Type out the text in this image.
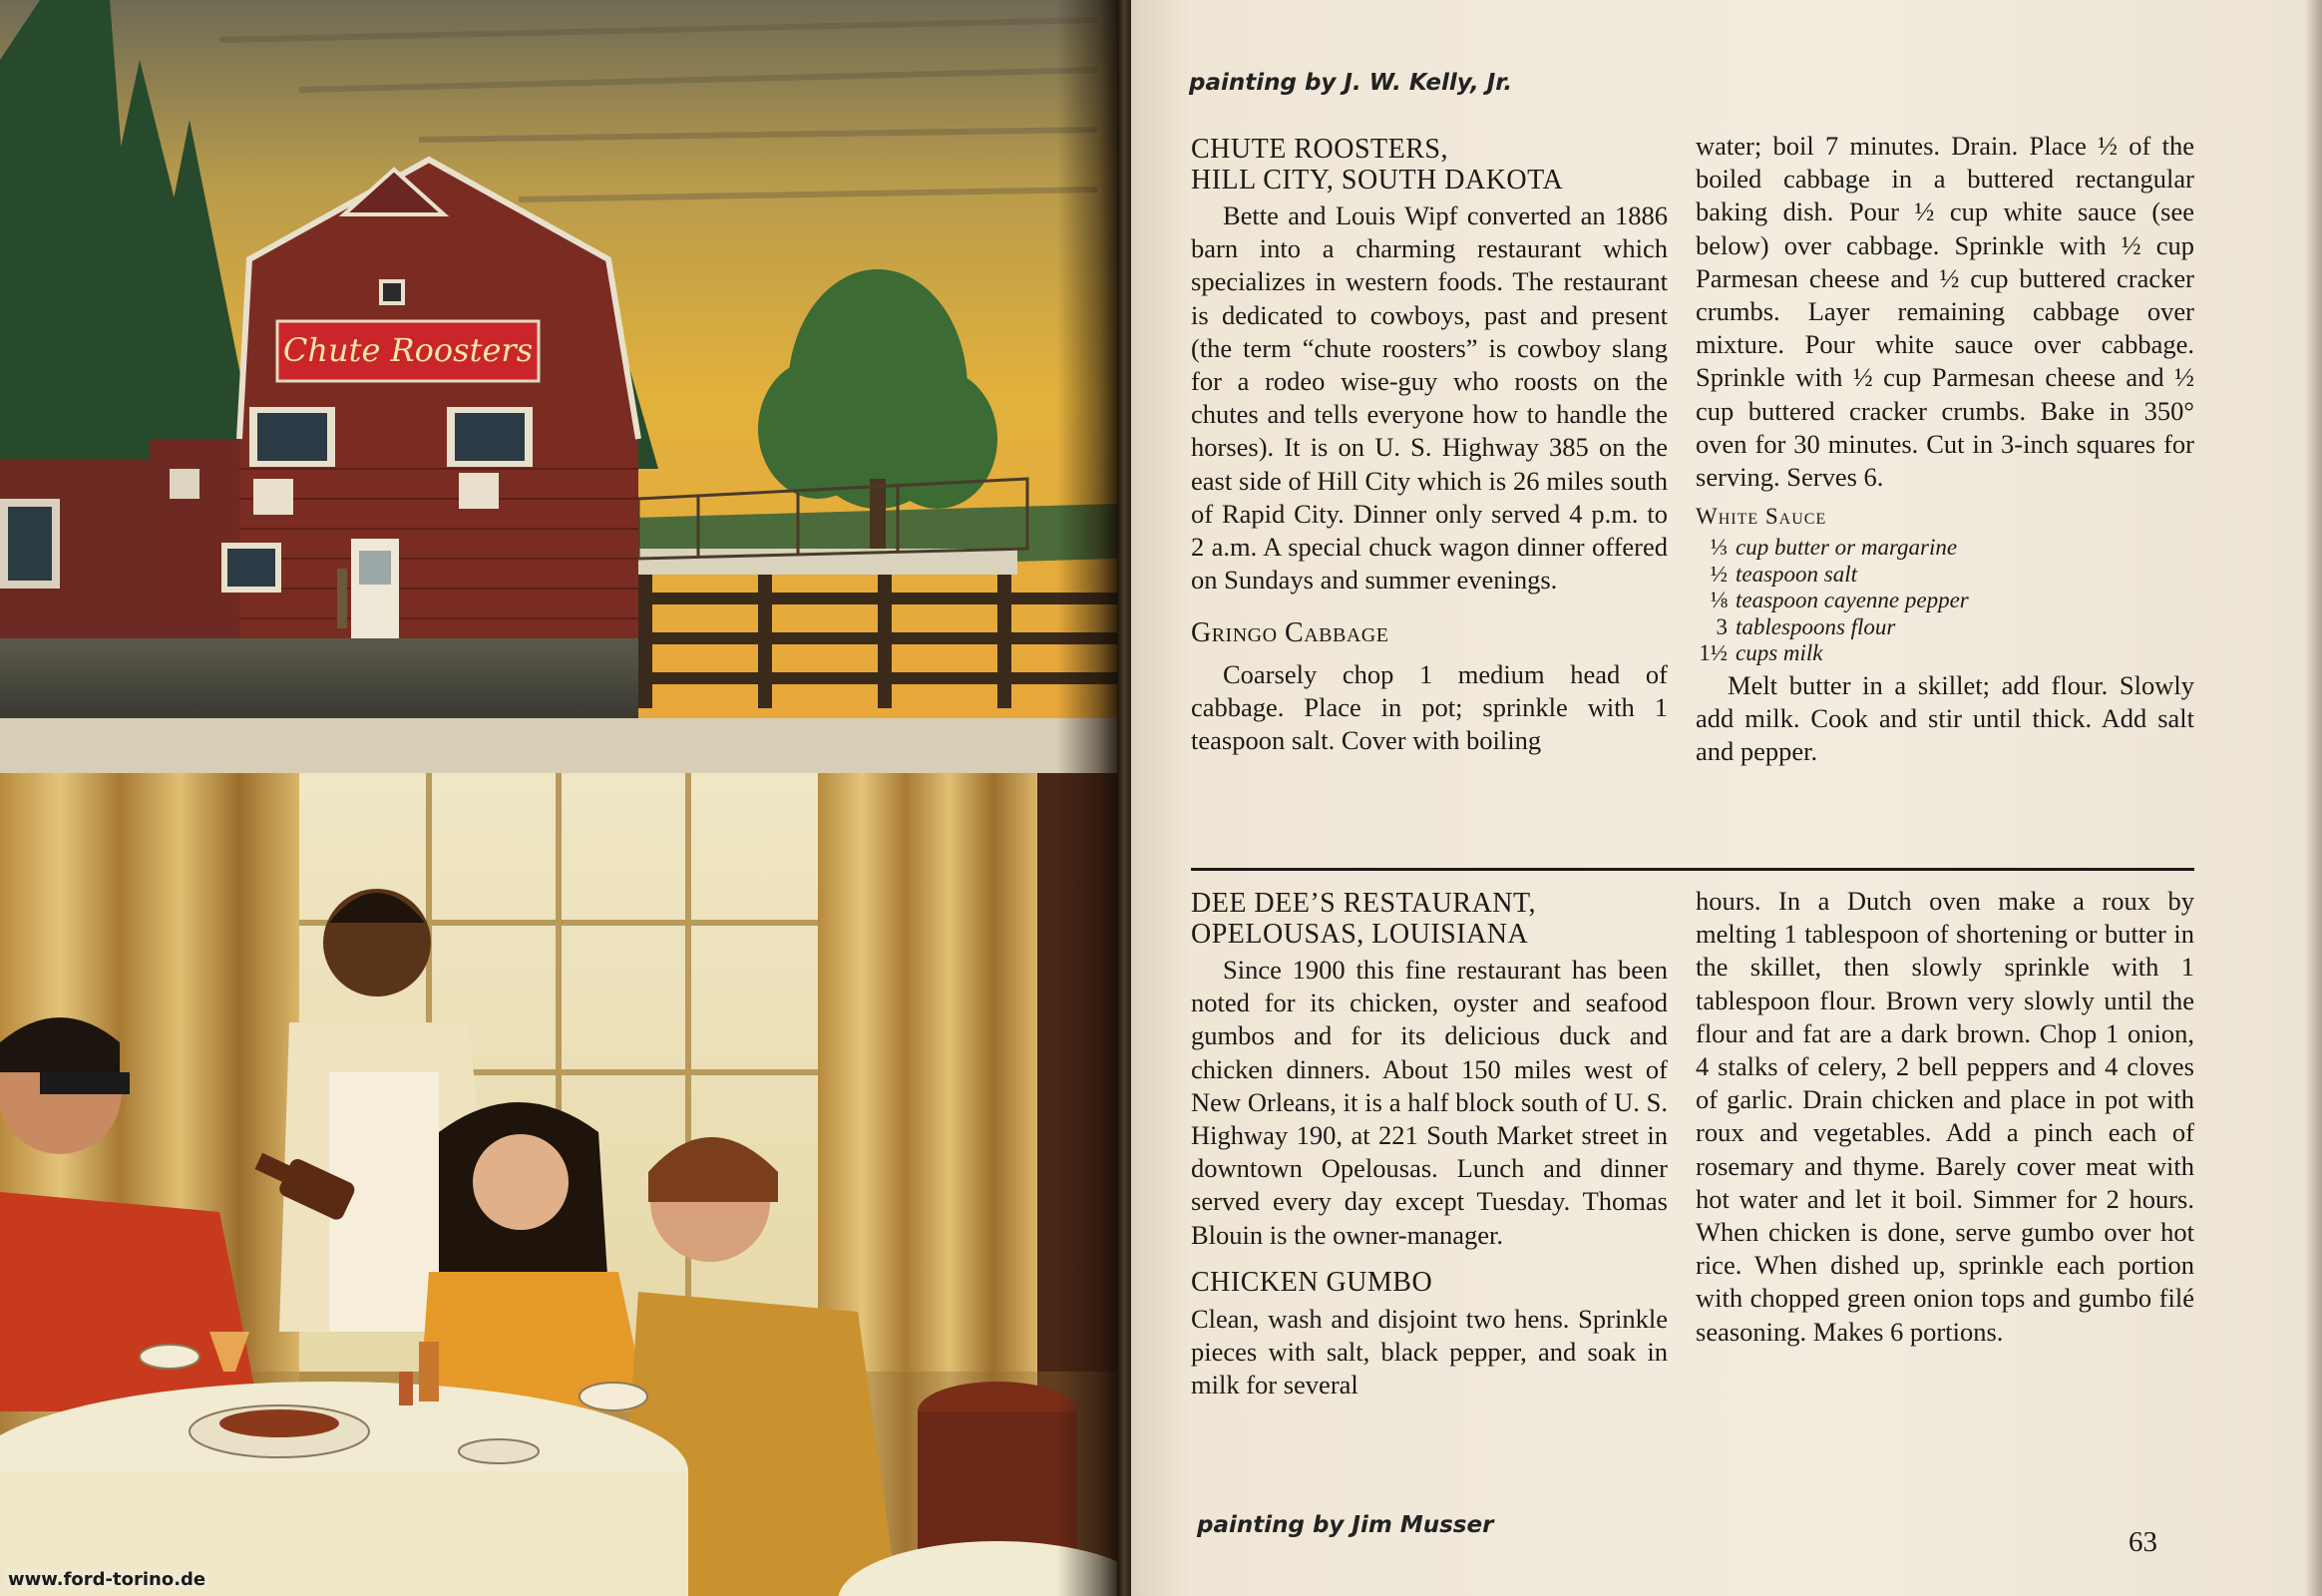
Chute Roosters
www.ford-torino.de
painting by J. W. Kelly, Jr.
CHUTE ROOSTERS,
HILL CITY, SOUTH DAKOTA

Bette and Louis Wipf converted an 1886 barn into a charming restaurant which specializes in western foods. The restaurant is dedicated to cowboys, past and present (the term “chute roosters” is cowboy slang for a rodeo wise-guy who roosts on the chutes and tells everyone how to handle the horses). It is on U. S. Highway 385 on the east side of Hill City which is 26 miles south of Rapid City. Dinner only served 4 p.m. to 2 a.m. A special chuck wagon dinner offered on Sundays and summer evenings.

Gringo Cabbage

Coarsely chop 1 medium head of cabbage. Place in pot; sprinkle with 1 teaspoon salt. Cover with boiling

water; boil 7 minutes. Drain. Place ½ of the boiled cabbage in a buttered rectangular baking dish. Pour ½ cup white sauce (see below) over cabbage. Sprinkle with ½ cup Parmesan cheese and ½ cup buttered cracker crumbs. Layer remaining cabbage over mixture. Pour white sauce over cabbage. Sprinkle with ½ cup Parmesan cheese and ½ cup buttered cracker crumbs. Bake in 350° oven for 30 minutes. Cut in 3-inch squares for serving. Serves 6.

White Sauce
⅓ cup butter or margarine
½ teaspoon salt
⅛ teaspoon cayenne pepper
3 tablespoons flour
1½ cups milk

Melt butter in a skillet; add flour. Slowly add milk. Cook and stir until thick. Add salt and pepper.

DEE DEE’S RESTAURANT,
OPELOUSAS, LOUISIANA

Since 1900 this fine restaurant has been noted for its chicken, oyster and seafood gumbos and for its delicious duck and chicken dinners. About 150 miles west of New Orleans, it is a half block south of U. S. Highway 190, at 221 South Market street in downtown Opelousas. Lunch and dinner served every day except Tuesday. Thomas Blouin is the owner-manager.

CHICKEN GUMBO

Clean, wash and disjoint two hens. Sprinkle pieces with salt, black pepper, and soak in milk for several

hours. In a Dutch oven make a roux by melting 1 tablespoon of shortening or butter in the skillet, then slowly sprinkle with 1 tablespoon flour. Brown very slowly until the flour and fat are a dark brown. Chop 1 onion, 4 stalks of celery, 2 bell peppers and 4 cloves of garlic. Drain chicken and place in pot with roux and vegetables. Add a pinch each of rosemary and thyme. Barely cover meat with hot water and let it boil. Simmer for 2 hours. When chicken is done, serve gumbo over hot rice. When dished up, sprinkle each portion with chopped green onion tops and gumbo filé seasoning. Makes 6 portions.

painting by Jim Musser
63
